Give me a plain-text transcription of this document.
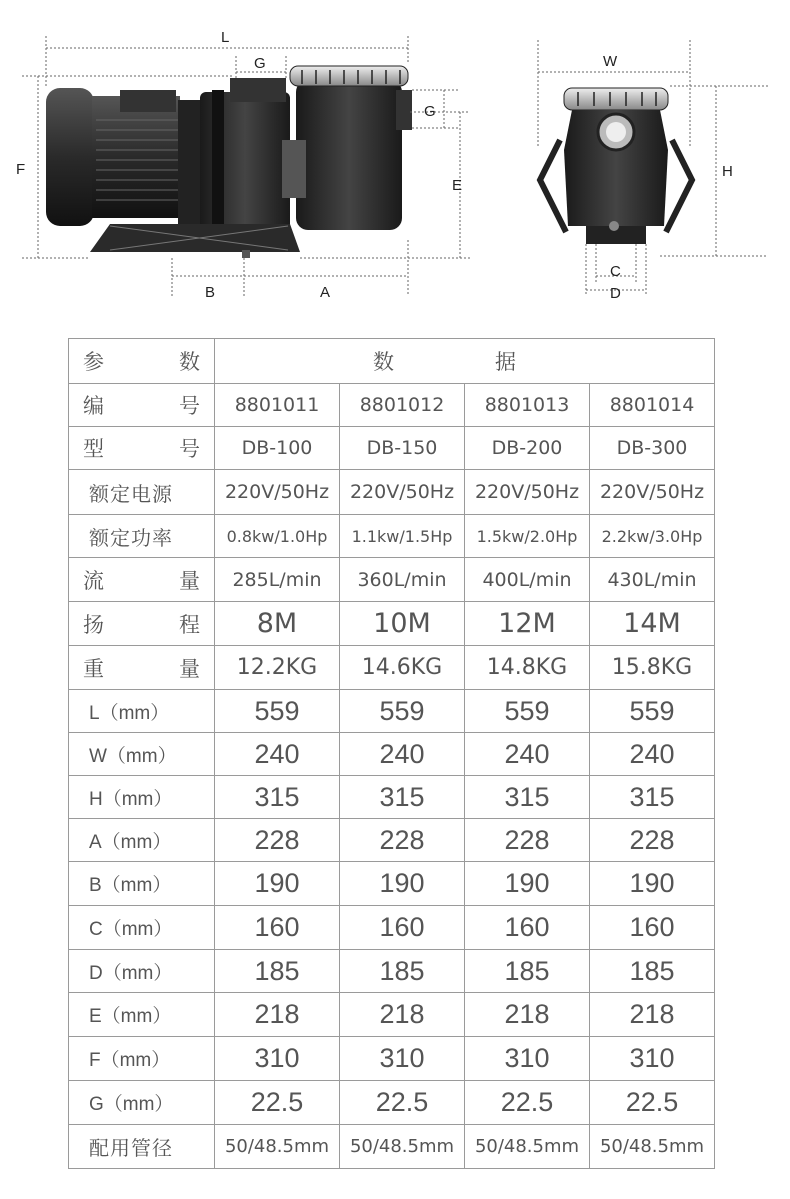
L
G
G
F
E
B	A
W
H
C
D
参　数	数　据			
编　号	8801011	8801012	8801013	8801014
型　号	DB-100	DB-150	DB-200	DB-300
额定电源	220V/50Hz	220V/50Hz	220V/50Hz	220V/50Hz
额定功率	0.8kw/1.0Hp	1.1kw/1.5Hp	1.5kw/2.0Hp	2.2kw/3.0Hp
流　量	285L/min	360L/min	400L/min	430L/min
扬　程	8M	10M	12M	14M
重　量	12.2KG	14.6KG	14.8KG	15.8KG
L（mm）	559	559	559	559
W（mm）	240	240	240	240
H（mm）	315	315	315	315
A（mm）	228	228	228	228
B（mm）	190	190	190	190
C（mm）	160	160	160	160
D（mm）	185	185	185	185
E（mm）	218	218	218	218
F（mm）	310	310	310	310
G（mm）	22.5	22.5	22.5	22.5
配用管径	50/48.5mm	50/48.5mm	50/48.5mm	50/48.5mm
